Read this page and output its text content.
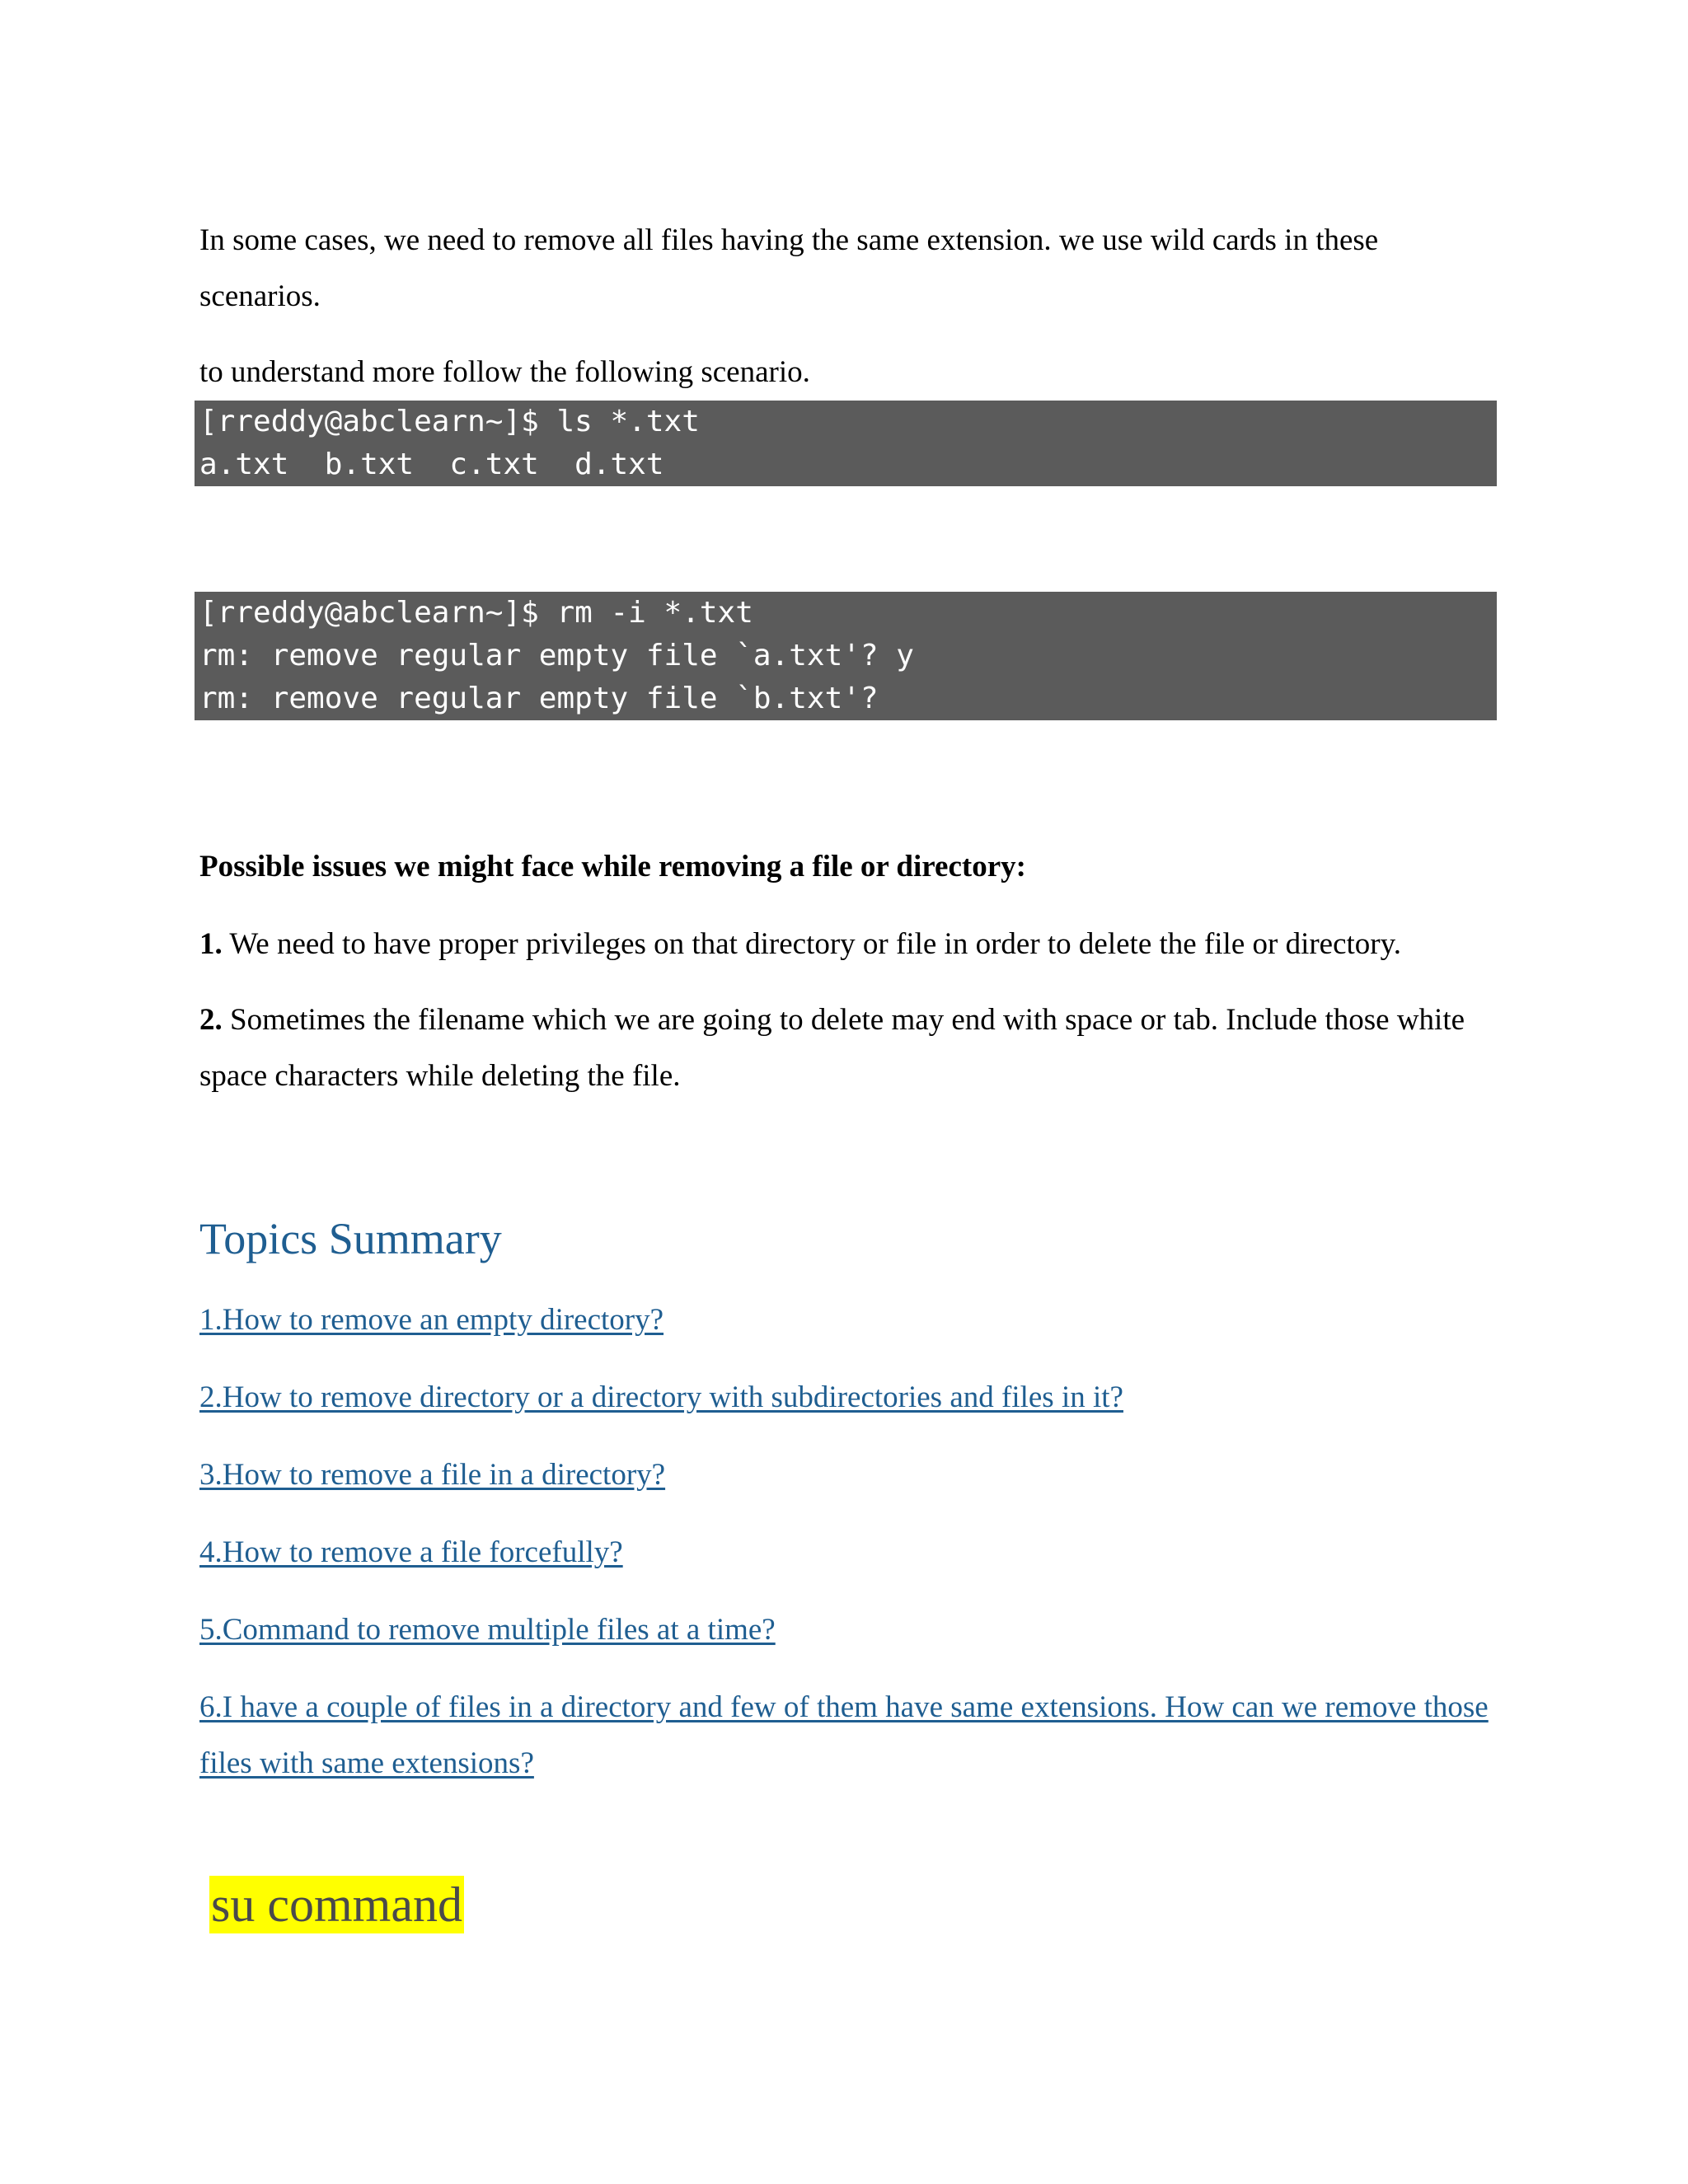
In some cases, we need to remove all files having the same extension. we use wild cards in these scenarios.

to understand more follow the following scenario.

[rreddy@abclearn~]$ ls *.txt
a.txt  b.txt  c.txt  d.txt
[rreddy@abclearn~]$ rm -i *.txt
rm: remove regular empty file `a.txt'? y
rm: remove regular empty file `b.txt'?

Possible issues we might face while removing a file or directory:

1. We need to have proper privileges on that directory or file in order to delete the file or directory.

2. Sometimes the filename which we are going to delete may end with space or tab. Include those white space characters while deleting the file.

Topics Summary
1.How to remove an empty directory?
2.How to remove directory or a directory with subdirectories and files in it?
3.How to remove a file in a directory?
4.How to remove a file forcefully?
5.Command to remove multiple files at a time?
6.I have a couple of files in a directory and few of them have same extensions. How can we remove those files with same extensions?
su command
